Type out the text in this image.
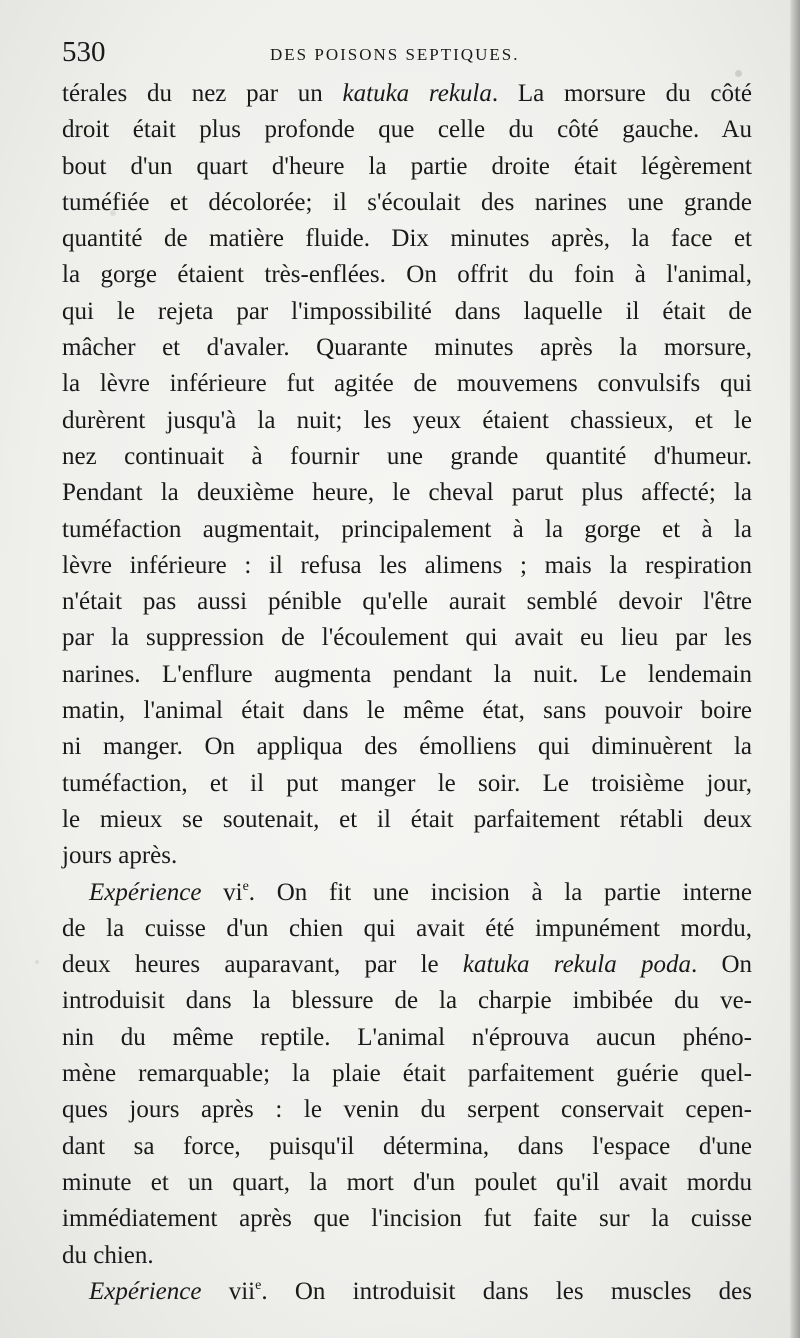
530	DES POISONS SEPTIQUES.
térales du nez par un katuka rekula. La morsure du côté
droit était plus profonde que celle du côté gauche. Au
bout d'un quart d'heure la partie droite était légèrement
tuméfiée et décolorée; il s'écoulait des narines une grande
quantité de matière fluide. Dix minutes après, la face et
la gorge étaient très-enflées. On offrit du foin à l'animal,
qui le rejeta par l'impossibilité dans laquelle il était de
mâcher et d'avaler. Quarante minutes après la morsure,
la lèvre inférieure fut agitée de mouvemens convulsifs qui
durèrent jusqu'à la nuit; les yeux étaient chassieux, et le
nez continuait à fournir une grande quantité d'humeur.
Pendant la deuxième heure, le cheval parut plus affecté; la
tuméfaction augmentait, principalement à la gorge et à la
lèvre inférieure : il refusa les alimens ; mais la respiration
n'était pas aussi pénible qu'elle aurait semblé devoir l'être
par la suppression de l'écoulement qui avait eu lieu par les
narines. L'enflure augmenta pendant la nuit. Le lendemain
matin, l'animal était dans le même état, sans pouvoir boire
ni manger. On appliqua des émolliens qui diminuèrent la
tuméfaction, et il put manger le soir. Le troisième jour,
le mieux se soutenait, et il était parfaitement rétabli deux
jours après.
Expérience $vi^e$. On fit une incision à la partie interne
de la cuisse d'un chien qui avait été impunément mordu,
deux heures auparavant, par le katuka rekula poda. On
introduisit dans la blessure de la charpie imbibée du ve-
nin du même reptile. L'animal n'éprouva aucun phéno-
mène remarquable; la plaie était parfaitement guérie quel-
ques jours après : le venin du serpent conservait cepen-
dant sa force, puisqu'il détermina, dans l'espace d'une
minute et un quart, la mort d'un poulet qu'il avait mordu
immédiatement après que l'incision fut faite sur la cuisse
du chien.
Expérience vii$^e$. On introduisit dans les muscles des
